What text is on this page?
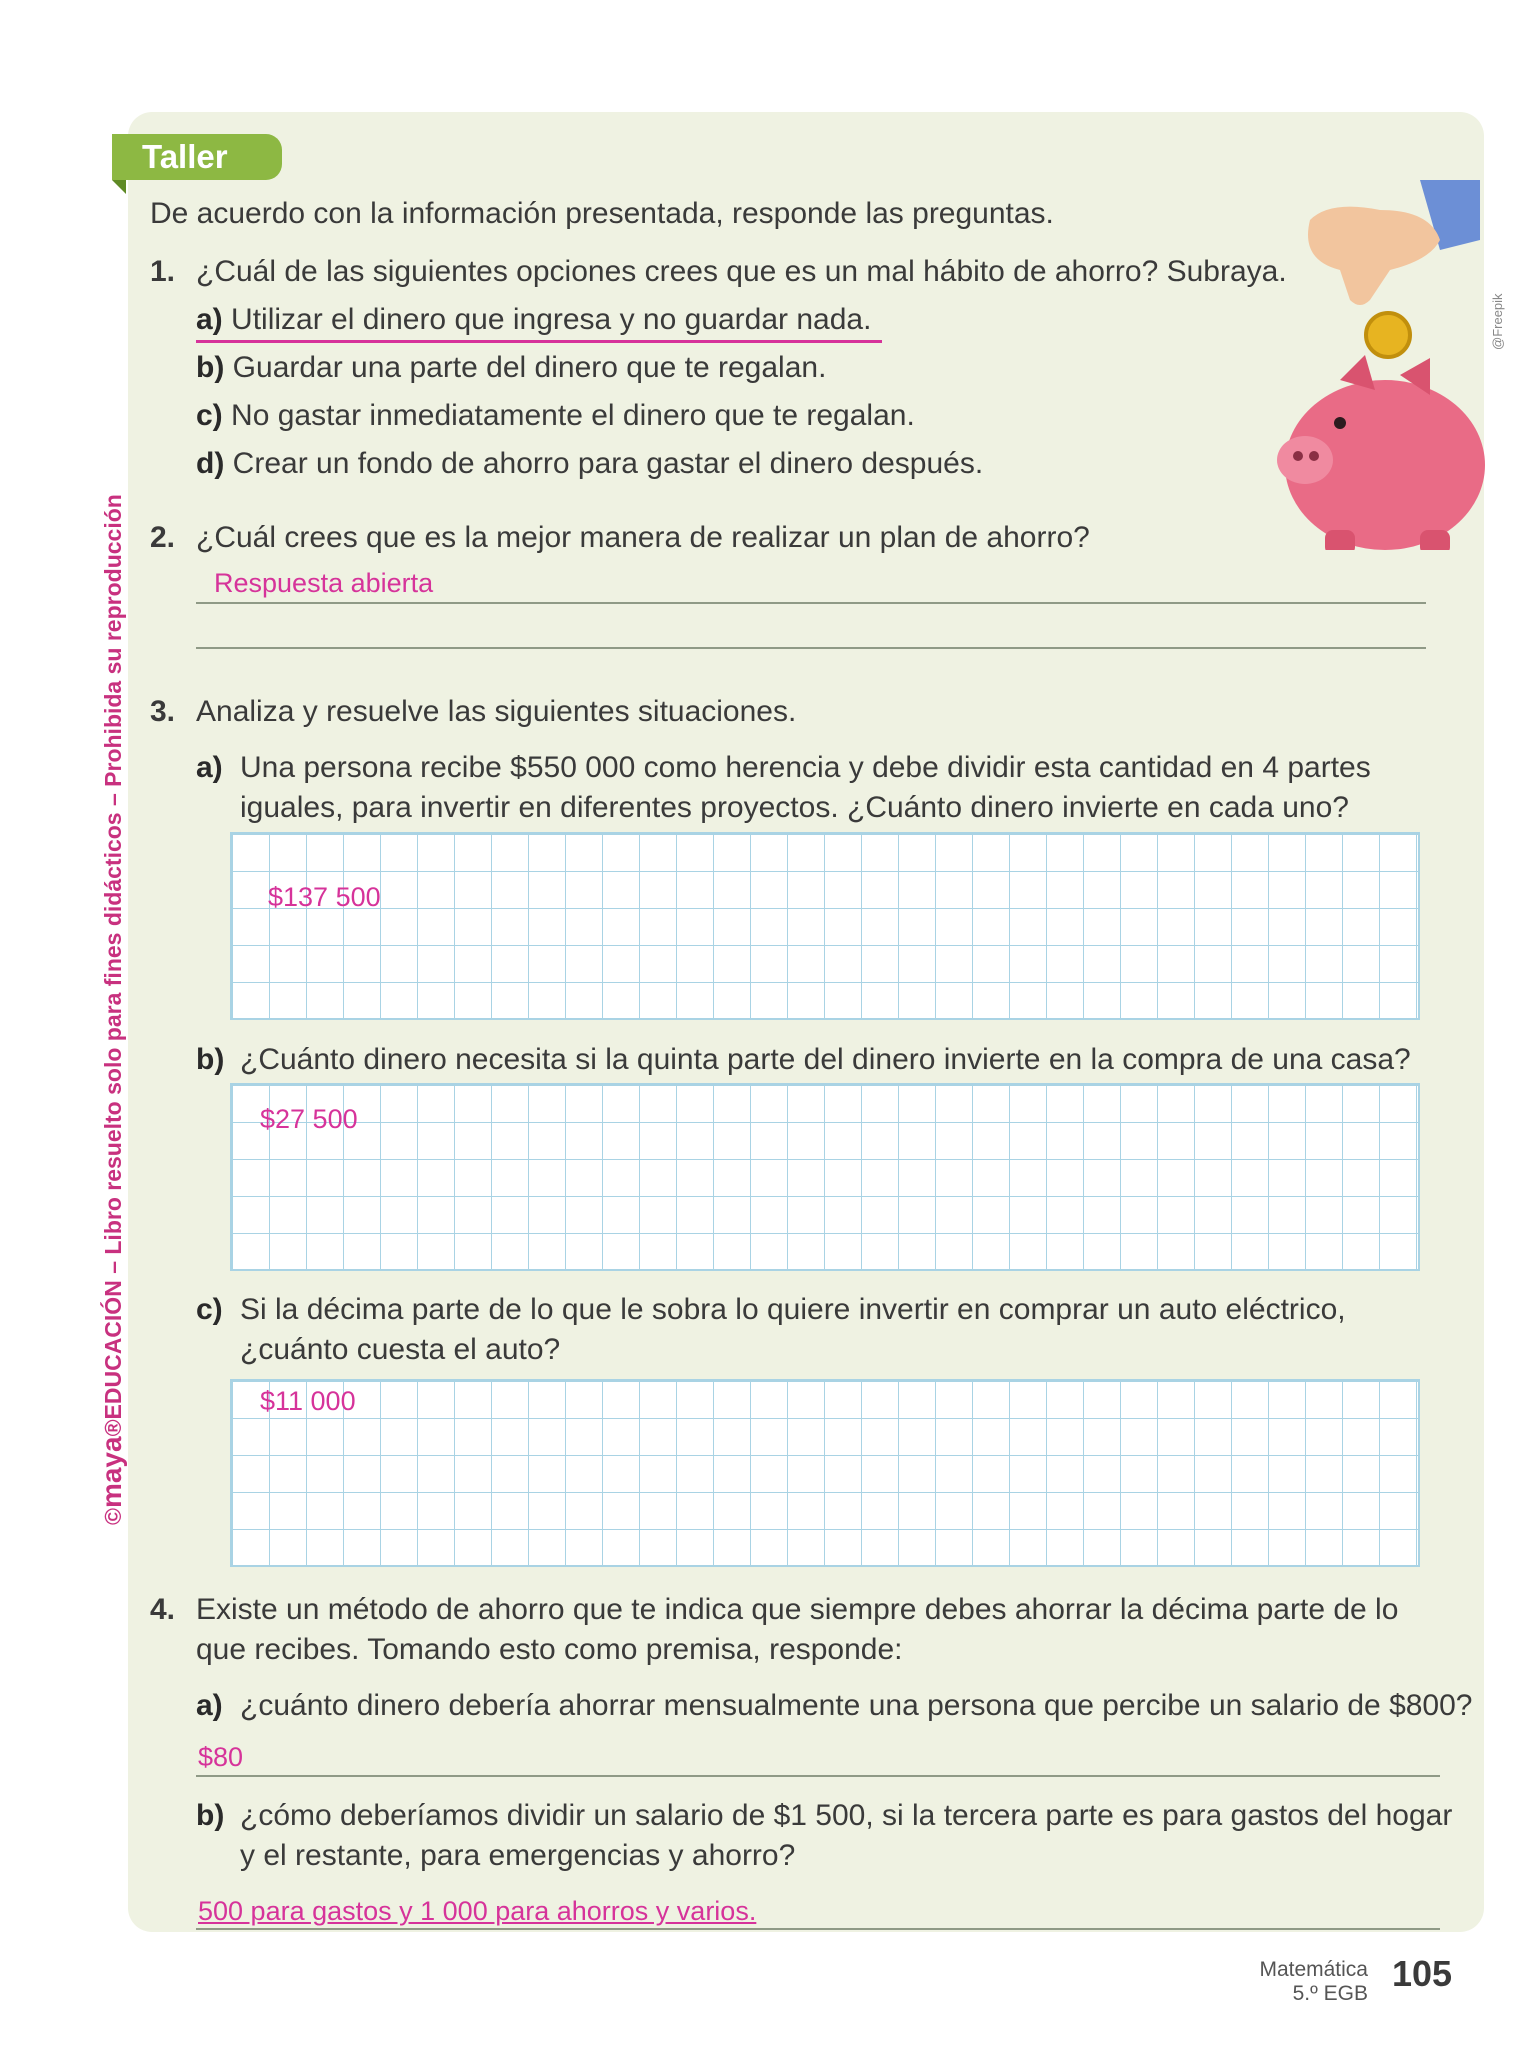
Taller
De acuerdo con la información presentada, responde las preguntas.
1. ¿Cuál de las siguientes opciones crees que es un mal hábito de ahorro? Subraya.
a) Utilizar el dinero que ingresa y no guardar nada.
b) Guardar una parte del dinero que te regalan.
c) No gastar inmediatamente el dinero que te regalan.
d) Crear un fondo de ahorro para gastar el dinero después.
@Freepik
2. ¿Cuál crees que es la mejor manera de realizar un plan de ahorro?
Respuesta abierta
3. Analiza y resuelve las siguientes situaciones.
a) Una persona recibe $550 000 como herencia y debe dividir esta cantidad en 4 partes
iguales, para invertir en diferentes proyectos. ¿Cuánto dinero invierte en cada uno?
$137 500
b) ¿Cuánto dinero necesita si la quinta parte del dinero invierte en la compra de una casa?
$27 500
c) Si la décima parte de lo que le sobra lo quiere invertir en comprar un auto eléctrico,
¿cuánto cuesta el auto?
$11 000
4. Existe un método de ahorro que te indica que siempre debes ahorrar la décima parte de lo
que recibes. Tomando esto como premisa, responde:
a) ¿cuánto dinero debería ahorrar mensualmente una persona que percibe un salario de $800?
$80
b) ¿cómo deberíamos dividir un salario de $1 500, si la tercera parte es para gastos del hogar
y el restante, para emergencias y ahorro?
500 para gastos y 1 000 para ahorros y varios.
©maya®EDUCACIÓN – Libro resuelto solo para fines didácticos – Prohibida su reproducción
Matemática
5.º EGB 105
